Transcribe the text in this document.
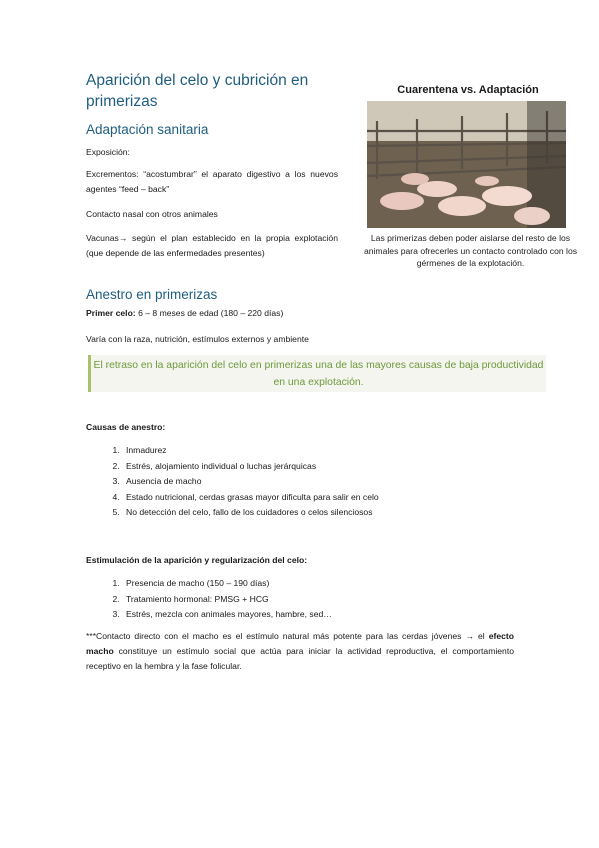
Aparición del celo y cubrición en primerizas
Adaptación sanitaria

Exposición:

Excrementos: “acostumbrar” el aparato digestivo a los nuevos agentes “feed – back”

Contacto nasal con otros animales

Vacunas→ según el plan establecido en la propia explotación (que depende de las enfermedades presentes)

Cuarentena vs. Adaptación
Las primerizas deben poder aislarse del resto de los animales para ofrecerles un contacto controlado con los gérmenes de la explotación.
Anestro en primerizas

Primer celo: 6 – 8 meses de edad (180 – 220 días)

Varía con la raza, nutrición, estímulos externos y ambiente

El retraso en la aparición del celo en primerizas una de las mayores causas de baja productividad en una explotación.

Causas de anestro:

1. Inmadurez
2. Estrés, alojamiento individual o luchas jerárquicas
3. Ausencia de macho
4. Estado nutricional, cerdas grasas mayor dificulta para salir en celo
5. No detección del celo, fallo de los cuidadores o celos silenciosos

Estimulación de la aparición y regularización del celo:

1. Presencia de macho (150 – 190 días)
2. Tratamiento hormonal: PMSG + HCG
3. Estrés, mezcla con animales mayores, hambre, sed…

***Contacto directo con el macho es el estímulo natural más potente para las cerdas jóvenes → el efecto macho constituye un estímulo social que actúa para iniciar la actividad reproductiva, el comportamiento receptivo en la hembra y la fase folicular.
